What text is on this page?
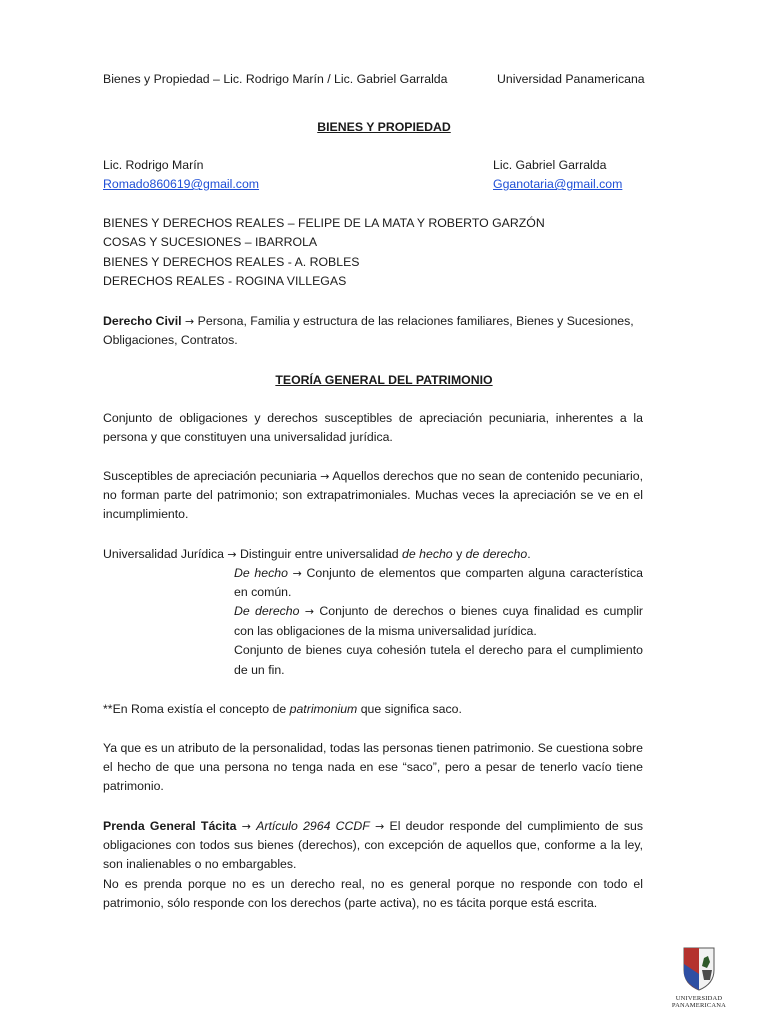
Bienes y Propiedad – Lic. Rodrigo Marín / Lic. Gabriel Garralda	Universidad Panamericana
BIENES Y PROPIEDAD
Lic. Rodrigo Marín
Romado860619@gmail.com
Lic. Gabriel Garralda
Gganotaria@gmail.com
BIENES Y DERECHOS REALES – FELIPE DE LA MATA Y ROBERTO GARZÓN
COSAS Y SUCESIONES – IBARROLA
BIENES Y DERECHOS REALES - A. ROBLES
DERECHOS REALES - ROGINA VILLEGAS
Derecho Civil → Persona, Familia y estructura de las relaciones familiares, Bienes y Sucesiones,
Obligaciones, Contratos.
TEORÍA GENERAL DEL PATRIMONIO
Conjunto de obligaciones y derechos susceptibles de apreciación pecuniaria, inherentes a la
persona y que constituyen una universalidad jurídica.
Susceptibles de apreciación pecuniaria → Aquellos derechos que no sean de contenido pecuniario,
no forman parte del patrimonio; son extrapatrimoniales. Muchas veces la apreciación se ve en el
incumplimiento.
Universalidad Jurídica → Distinguir entre universalidad de hecho y de derecho.
De hecho → Conjunto de elementos que comparten alguna característica
en común.
De derecho → Conjunto de derechos o bienes cuya finalidad es cumplir
con las obligaciones de la misma universalidad jurídica.
Conjunto de bienes cuya cohesión tutela el derecho para el cumplimiento
de un fin.
**En Roma existía el concepto de patrimonium que significa saco.
Ya que es un atributo de la personalidad, todas las personas tienen patrimonio. Se cuestiona sobre
el hecho de que una persona no tenga nada en ese “saco”, pero a pesar de tenerlo vacío tiene
patrimonio.
Prenda General Tácita → Artículo 2964 CCDF → El deudor responde del cumplimiento de sus
obligaciones con todos sus bienes (derechos), con excepción de aquellos que, conforme a la ley,
son inalienables o no embargables.
No es prenda porque no es un derecho real, no es general porque no responde con todo el
patrimonio, sólo responde con los derechos (parte activa), no es tácita porque está escrita.
UNIVERSIDAD
PANAMERICANA
